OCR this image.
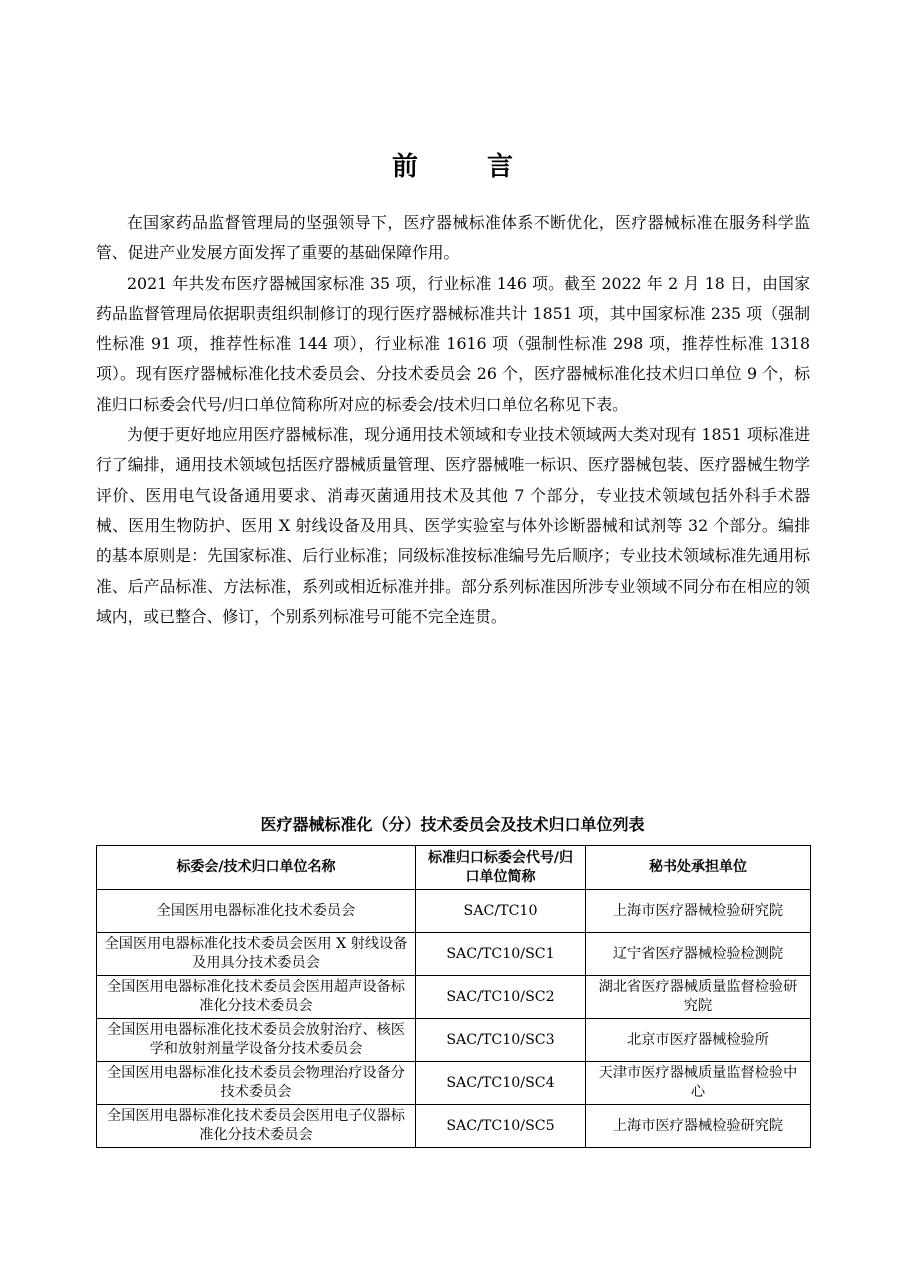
前 言

在国家药品监督管理局的坚强领导下，医疗器械标准体系不断优化，医疗器械标准在服务科学监管、促进产业发展方面发挥了重要的基础保障作用。

2021 年共发布医疗器械国家标准 35 项，行业标准 146 项。截至 2022 年 2 月 18 日，由国家药品监督管理局依据职责组织制修订的现行医疗器械标准共计 1851 项，其中国家标准 235 项（强制性标准 91 项，推荐性标准 144 项），行业标准 1616 项（强制性标准 298 项，推荐性标准 1318 项）。现有医疗器械标准化技术委员会、分技术委员会 26 个，医疗器械标准化技术归口单位 9 个，标准归口标委会代号/归口单位简称所对应的标委会/技术归口单位名称见下表。

为便于更好地应用医疗器械标准，现分通用技术领域和专业技术领域两大类对现有 1851 项标准进行了编排，通用技术领域包括医疗器械质量管理、医疗器械唯一标识、医疗器械包装、医疗器械生物学评价、医用电气设备通用要求、消毒灭菌通用技术及其他 7 个部分，专业技术领域包括外科手术器械、医用生物防护、医用 X 射线设备及用具、医学实验室与体外诊断器械和试剂等 32 个部分。编排的基本原则是：先国家标准、后行业标准；同级标准按标准编号先后顺序；专业技术领域标准先通用标准、后产品标准、方法标准，系列或相近标准并排。部分系列标准因所涉专业领域不同分布在相应的领域内，或已整合、修订，个别系列标准号可能不完全连贯。

医疗器械标准化（分）技术委员会及技术归口单位列表
标委会/技术归口单位名称	标准归口标委会代号/归口单位简称	秘书处承担单位
全国医用电器标准化技术委员会	SAC/TC10	上海市医疗器械检验研究院
全国医用电器标准化技术委员会医用 X 射线设备及用具分技术委员会	SAC/TC10/SC1	辽宁省医疗器械检验检测院
全国医用电器标准化技术委员会医用超声设备标准化分技术委员会	SAC/TC10/SC2	湖北省医疗器械质量监督检验研究院
全国医用电器标准化技术委员会放射治疗、核医学和放射剂量学设备分技术委员会	SAC/TC10/SC3	北京市医疗器械检验所
全国医用电器标准化技术委员会物理治疗设备分技术委员会	SAC/TC10/SC4	天津市医疗器械质量监督检验中心
全国医用电器标准化技术委员会医用电子仪器标准化分技术委员会	SAC/TC10/SC5	上海市医疗器械检验研究院
